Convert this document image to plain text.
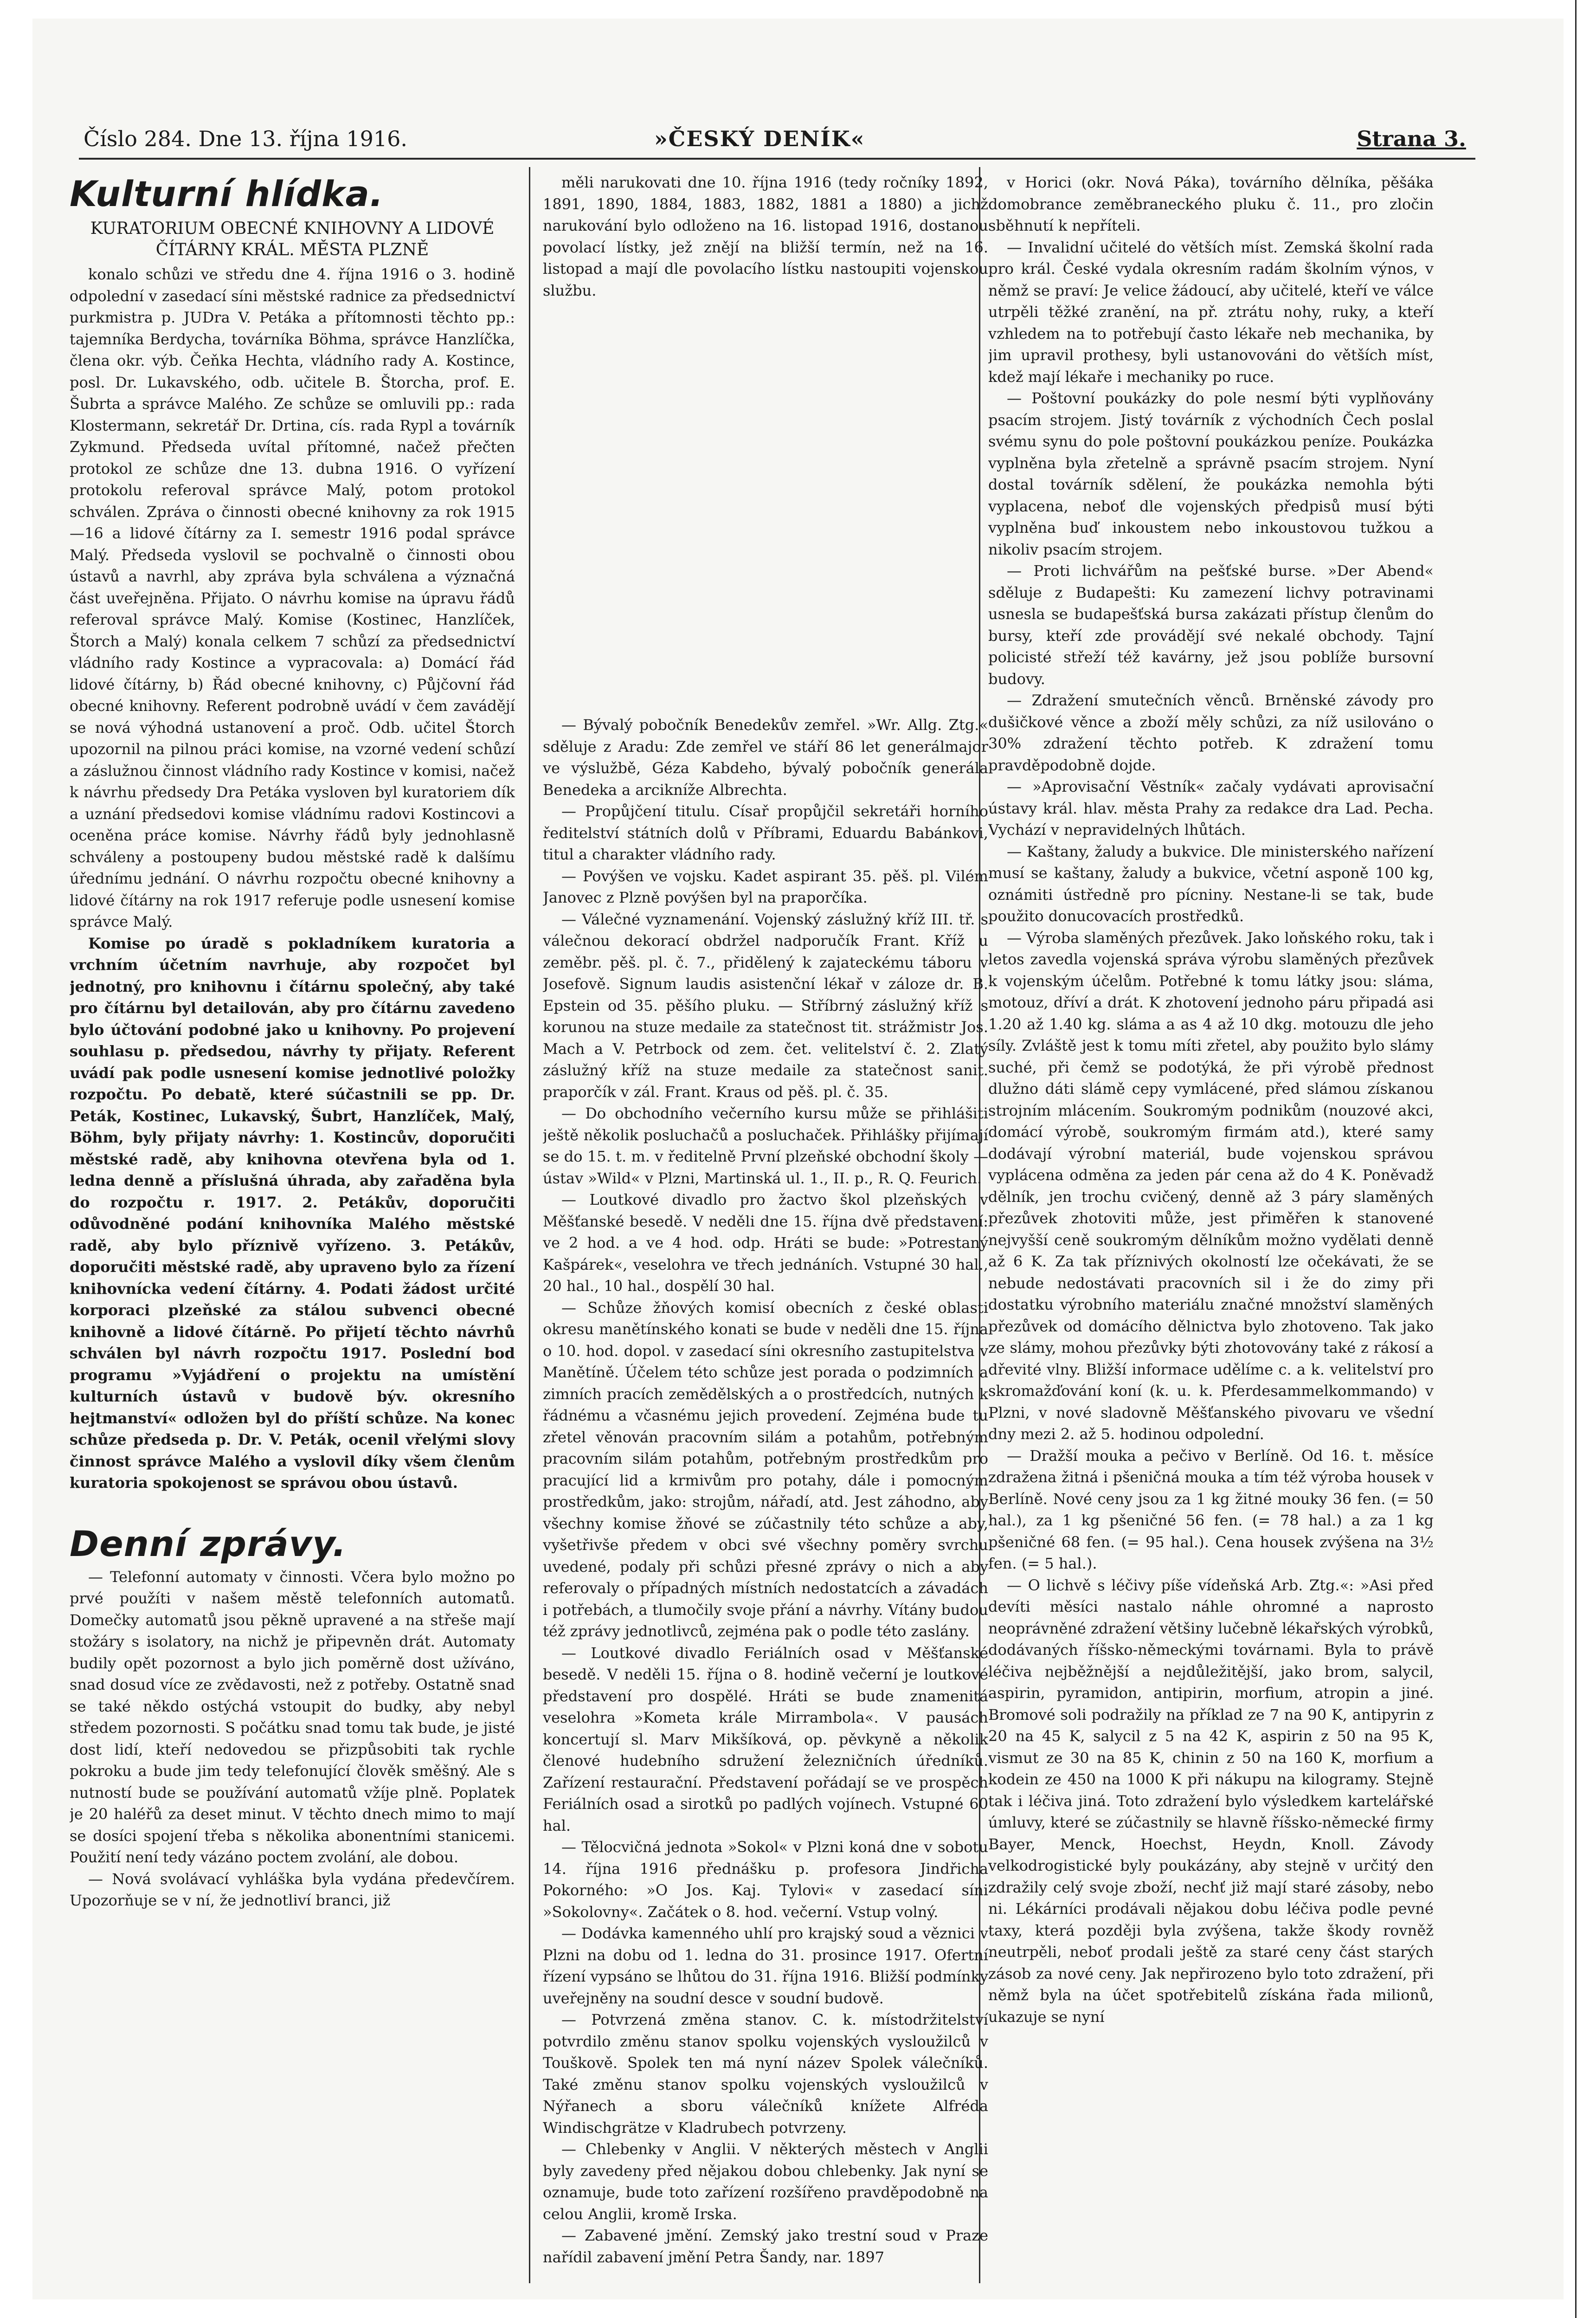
Číslo 284. Dne 13. října 1916.	»ČESKÝ DENÍK«	Strana 3.
Kulturní hlídka.
KURATORIUM OBECNÉ KNIHOVNY A LIDOVÉ ČÍTÁRNY KRÁL. MĚSTA PLZNĚ

konalo schůzi ve středu dne 4. října 1916 o 3. hodině odpolední v zasedací síni městské radnice za předsednictví purkmistra p. JUDra V. Petáka a přítomnosti těchto pp.: tajemníka Berdycha, továrníka Böhma, správce Hanzlíčka, člena okr. výb. Čeňka Hechta, vládního rady A. Kostince, posl. Dr. Lukavského, odb. učitele B. Štorcha, prof. E. Šubrta a správce Malého. Ze schůze se omluvili pp.: rada Klostermann, sekretář Dr. Drtina, cís. rada Rypl a továrník Zykmund. Předseda uvítal přítomné, načež přečten protokol ze schůze dne 13. dubna 1916. O vyřízení protokolu referoval správce Malý, potom protokol schválen. Zpráva o činnosti obecné knihovny za rok 1915—16 a lidové čítárny za I. semestr 1916 podal správce Malý. Předseda vyslovil se pochvalně o činnosti obou ústavů a navrhl, aby zpráva byla schválena a význačná část uveřejněna. Přijato. O návrhu komise na úpravu řádů referoval správce Malý. Komise (Kostinec, Hanzlíček, Štorch a Malý) konala celkem 7 schůzí za předsednictví vládního rady Kostince a vypracovala: a) Domácí řád lidové čítárny, b) Řád obecné knihovny, c) Půjčovní řád obecné knihovny. Referent podrobně uvádí v čem zavádějí se nová výhodná ustanovení a proč. Odb. učitel Štorch upozornil na pilnou práci komise, na vzorné vedení schůzí a záslužnou činnost vládního rady Kostince v komisi, načež k návrhu předsedy Dra Petáka vysloven byl kuratoriem dík a uznání předsedovi komise vládnímu radovi Kostincovi a oceněna práce komise. Návrhy řádů byly jednohlasně schváleny a postoupeny budou městské radě k dalšímu úřednímu jednání. O návrhu rozpočtu obecné knihovny a lidové čítárny na rok 1917 referuje podle usnesení komise správce Malý.

Komise po úradě s pokladníkem kuratoria a vrchním účetním navrhuje, aby rozpočet byl jednotný, pro knihovnu i čítárnu společný, aby také pro čítárnu byl detailován, aby pro čítárnu zavedeno bylo účtování podobné jako u knihovny. Po projevení souhlasu p. předsedou, návrhy ty přijaty. Referent uvádí pak podle usnesení komise jednotlivé položky rozpočtu. Po debatě, které súčastnili se pp. Dr. Peták, Kostinec, Lukavský, Šubrt, Hanzlíček, Malý, Böhm, byly přijaty návrhy: 1. Kostincův, doporučiti městské radě, aby knihovna otevřena byla od 1. ledna denně a příslušná úhrada, aby zařaděna byla do rozpočtu r. 1917. 2. Petákův, doporučiti odůvodněné podání knihovníka Malého městské radě, aby bylo příznivě vyřízeno. 3. Petákův, doporučiti městské radě, aby upraveno bylo za řízení knihovnícka vedení čítárny. 4. Podati žádost určité korporaci plzeňské za stálou subvenci obecné knihovně a lidové čítárně. Po přijetí těchto návrhů schválen byl návrh rozpočtu 1917. Poslední bod programu »Vyjádření o projektu na umístění kulturních ústavů v budově býv. okresního hejtmanství« odložen byl do příští schůze. Na konec schůze předseda p. Dr. V. Peták, ocenil vřelými slovy činnost správce Malého a vyslovil díky všem členům kuratoria spokojenost se správou obou ústavů.

Denní zprávy.

— Telefonní automaty v činnosti. Včera bylo možno po prvé použíti v našem městě telefonních automatů. Domečky automatů jsou pěkně upravené a na střeše mají stožáry s isolatory, na nichž je připevněn drát. Automaty budily opět pozornost a bylo jich poměrně dost užíváno, snad dosud více ze zvědavosti, než z potřeby. Ostatně snad se také někdo ostýchá vstoupit do budky, aby nebyl středem pozornosti. S počátku snad tomu tak bude, je jisté dost lidí, kteří nedovedou se přizpůsobiti tak rychle pokroku a bude jim tedy telefonující člověk směšný. Ale s nutností bude se používání automatů vžíje plně. Poplatek je 20 haléřů za deset minut. V těchto dnech mimo to mají se dosíci spojení třeba s několika abonentními stanicemi. Použití není tedy vázáno poctem zvolání, ale dobou.

— Nová svolávací vyhláška byla vydána předevčírem. Upozorňuje se v ní, že jednotliví branci, již

měli narukovati dne 10. října 1916 (tedy ročníky 1892, 1891, 1890, 1884, 1883, 1882, 1881 a 1880) a jichž narukování bylo odloženo na 16. listopad 1916, dostanou povolací lístky, jež znějí na bližší termín, než na 16. listopad a mají dle povolacího lístku nastoupiti vojenskou službu.

— Bývalý pobočník Benedekův zemřel. »Wr. Allg. Ztg.« sděluje z Aradu: Zde zemřel ve stáří 86 let generálmajor ve výslužbě, Géza Kabdeho, bývalý pobočník generála Benedeka a arcikníže Albrechta.

— Propůjčení titulu. Císař propůjčil sekretáři horního ředitelství státních dolů v Příbrami, Eduardu Babánkovi, titul a charakter vládního rady.

— Povýšen ve vojsku. Kadet aspirant 35. pěš. pl. Vilém Janovec z Plzně povýšen byl na praporčíka.

— Válečné vyznamenání. Vojenský záslužný kříž III. tř. s válečnou dekorací obdržel nadporučík Frant. Kříž u zeměbr. pěš. pl. č. 7., přidělený k zajateckému táboru v Josefově. Signum laudis asistenční lékař v záloze dr. B. Epstein od 35. pěšího pluku. — Stříbrný záslužný kříž s korunou na stuze medaile za statečnost tit. strážmistr Jos. Mach a V. Petrbock od zem. čet. velitelství č. 2. Zlatý záslužný kříž na stuze medaile za statečnost sanit. praporčík v zál. Frant. Kraus od pěš. pl. č. 35.

— Do obchodního večerního kursu může se přihlášiti ještě několik posluchačů a posluchaček. Přihlášky přijímají se do 15. t. m. v ředitelně První plzeňské obchodní školy — ústav »Wild« v Plzni, Martinská ul. 1., II. p., R. Q. Feurich.

— Loutkové divadlo pro žactvo škol plzeňských v Měšťanské besedě. V neděli dne 15. října dvě představení: ve 2 hod. a ve 4 hod. odp. Hráti se bude: »Potrestaný Kašpárek«, veselohra ve třech jednáních. Vstupné 30 hal., 20 hal., 10 hal., dospělí 30 hal.

— Schůze žňových komisí obecních z české oblasti okresu manětínského konati se bude v neděli dne 15. října o 10. hod. dopol. v zasedací síni okresního zastupitelstva v Manětíně. Účelem této schůze jest porada o podzimních a zimních pracích zemědělských a o prostředcích, nutných k řádnému a včasnému jejich provedení. Zejména bude tu zřetel věnován pracovním silám a potahům, potřebným pracovním silám potahům, potřebným prostředkům pro pracující lid a krmivům pro potahy, dále i pomocným prostředkům, jako: strojům, nářadí, atd. Jest záhodno, aby všechny komise žňové se zúčastnily této schůze a aby, vyšetřivše předem v obci své všechny poměry svrchu uvedené, podaly při schůzi přesné zprávy o nich a aby referovaly o případných místních nedostatcích a závadách i potřebách, a tlumočily svoje přání a návrhy. Vítány budou též zprávy jednotlivců, zejména pak o podle této zaslány.

— Loutkové divadlo Feriálních osad v Měšťanské besedě. V neděli 15. října o 8. hodině večerní je loutkové představení pro dospělé. Hráti se bude znamenitá veselohra »Kometa krále Mirrambola«. V pausách koncertují sl. Marv Mikšíková, op. pěvkyně a několik členové hudebního sdružení železničních úředníků. Zařízení restaurační. Představení pořádají se ve prospěch Feriálních osad a sirotků po padlých vojínech. Vstupné 60 hal.

— Tělocvičná jednota »Sokol« v Plzni koná dne v sobotu 14. října 1916 přednášku p. profesora Jindřicha Pokorného: »O Jos. Kaj. Tylovi« v zasedací síni »Sokolovny«. Začátek o 8. hod. večerní. Vstup volný.

— Dodávka kamenného uhlí pro krajský soud a věznici v Plzni na dobu od 1. ledna do 31. prosince 1917. Ofertní řízení vypsáno se lhůtou do 31. října 1916. Bližší podmínky uveřejněny na soudní desce v soudní budově.

— Potvrzená změna stanov. C. k. místodržitelství potvrdilo změnu stanov spolku vojenských vysloužilců v Touškově. Spolek ten má nyní název Spolek válečníků. Také změnu stanov spolku vojenských vysloužilců v Nýřanech a sboru válečníků knížete Alfréda Windischgrätze v Kladrubech potvrzeny.

— Chlebenky v Anglii. V některých městech v Anglii byly zavedeny před nějakou dobou chlebenky. Jak nyní se oznamuje, bude toto zařízení rozšířeno pravděpodobně na celou Anglii, kromě Irska.

— Zabavené jmění. Zemský jako trestní soud v Praze nařídil zabavení jmění Petra Šandy, nar. 1897

v Horici (okr. Nová Páka), továrního dělníka, pěšáka domobrance zeměbraneckého pluku č. 11., pro zločin sběhnutí k nepříteli.

— Invalidní učitelé do větších míst. Zemská školní rada pro král. České vydala okresním radám školním výnos, v němž se praví: Je velice žádoucí, aby učitelé, kteří ve válce utrpěli těžké zranění, na př. ztrátu nohy, ruky, a kteří vzhledem na to potřebují často lékaře neb mechanika, by jim upravil prothesy, byli ustanovováni do větších míst, kdež mají lékaře i mechaniky po ruce.

— Poštovní poukázky do pole nesmí býti vyplňovány psacím strojem. Jistý továrník z východních Čech poslal svému synu do pole poštovní poukázkou peníze. Poukázka vyplněna byla zřetelně a správně psacím strojem. Nyní dostal továrník sdělení, že poukázka nemohla býti vyplacena, neboť dle vojenských předpisů musí býti vyplněna buď inkoustem nebo inkoustovou tužkou a nikoliv psacím strojem.

— Proti lichvářům na pešťské burse. »Der Abend« sděluje z Budapešti: Ku zamezení lichvy potravinami usnesla se budapešťská bursa zakázati přístup členům do bursy, kteří zde provádějí své nekalé obchody. Tajní policisté střeží též kavárny, jež jsou poblíže bursovní budovy.

— Zdražení smutečních věnců. Brněnské závody pro dušičkové věnce a zboží měly schůzi, za níž usilováno o 30% zdražení těchto potřeb. K zdražení tomu pravděpodobně dojde.

— »Aprovisační Věstník« začaly vydávati aprovisační ústavy král. hlav. města Prahy za redakce dra Lad. Pecha. Vychází v nepravidelných lhůtách.

— Kaštany, žaludy a bukvice. Dle ministerského nařízení musí se kaštany, žaludy a bukvice, včetní asponě 100 kg, oznámiti ústředně pro pícniny. Nestane-li se tak, bude použito donucovacích prostředků.

— Výroba slaměných přezůvek. Jako loňského roku, tak i letos zavedla vojenská správa výrobu slaměných přezůvek k vojenským účelům. Potřebné k tomu látky jsou: sláma, motouz, dříví a drát. K zhotovení jednoho páru připadá asi 1.20 až 1.40 kg. sláma a as 4 až 10 dkg. motouzu dle jeho síly. Zvláště jest k tomu míti zřetel, aby použito bylo slámy suché, při čemž se podotýká, že při výrobě přednost dlužno dáti slámě cepy vymlácené, před slámou získanou strojním mlácením. Soukromým podnikům (nouzové akci, domácí výrobě, soukromým firmám atd.), které samy dodávají výrobní materiál, bude vojenskou správou vyplácena odměna za jeden pár cena až do 4 K. Poněvadž dělník, jen trochu cvičený, denně až 3 páry slaměných přezůvek zhotoviti může, jest přiměřen k stanovené nejvyšší ceně soukromým dělníkům možno vydělati denně až 6 K. Za tak příznivých okolností lze očekávati, že se nebude nedostávati pracovních sil i že do zimy při dostatku výrobního materiálu značné množství slaměných přezůvek od domácího dělnictva bylo zhotoveno. Tak jako ze slámy, mohou přezůvky býti zhotovovány také z rákosí a dřevité vlny. Bližší informace udělíme c. a k. velitelství pro skromažďování koní (k. u. k. Pferdesammelkommando) v Plzni, v nové sladovně Měšťanského pivovaru ve všední dny mezi 2. až 5. hodinou odpolední.

— Dražší mouka a pečivo v Berlíně. Od 16. t. měsíce zdražena žitná i pšeničná mouka a tím též výroba housek v Berlíně. Nové ceny jsou za 1 kg žitné mouky 36 fen. (= 50 hal.), za 1 kg pšeničné 56 fen. (= 78 hal.) a za 1 kg pšeničné 68 fen. (= 95 hal.). Cena housek zvýšena na 3½ fen. (= 5 hal.).

— O lichvě s léčivy píše vídeňská Arb. Ztg.«: »Asi před devíti měsíci nastalo náhle ohromné a naprosto neoprávněné zdražení většiny lučebně lékařských výrobků, dodávaných říšsko-německými továrnami. Byla to právě léčiva nejběžnější a nejdůležitější, jako brom, salycil, aspirin, pyramidon, antipirin, morfium, atropin a jiné. Bromové soli podražily na příklad ze 7 na 90 K, antipyrin z 20 na 45 K, salycil z 5 na 42 K, aspirin z 50 na 95 K, vismut ze 30 na 85 K, chinin z 50 na 160 K, morfium a kodein ze 450 na 1000 K při nákupu na kilogramy. Stejně tak i léčiva jiná. Toto zdražení bylo výsledkem kartelářské úmluvy, které se zúčastnily se hlavně říšsko-německé firmy Bayer, Menck, Hoechst, Heydn, Knoll. Závody velkodrogistické byly poukázány, aby stejně v určitý den zdražily celý svoje zboží, nechť již mají staré zásoby, nebo ni. Lékárníci prodávali nějakou dobu léčiva podle pevné taxy, která později byla zvýšena, takže škody rovněž neutrpěli, neboť prodali ještě za staré ceny část starých zásob za nové ceny. Jak nepřirozeno bylo toto zdražení, při němž byla na účet spotřebitelů získána řada milionů, ukazuje se nyní
